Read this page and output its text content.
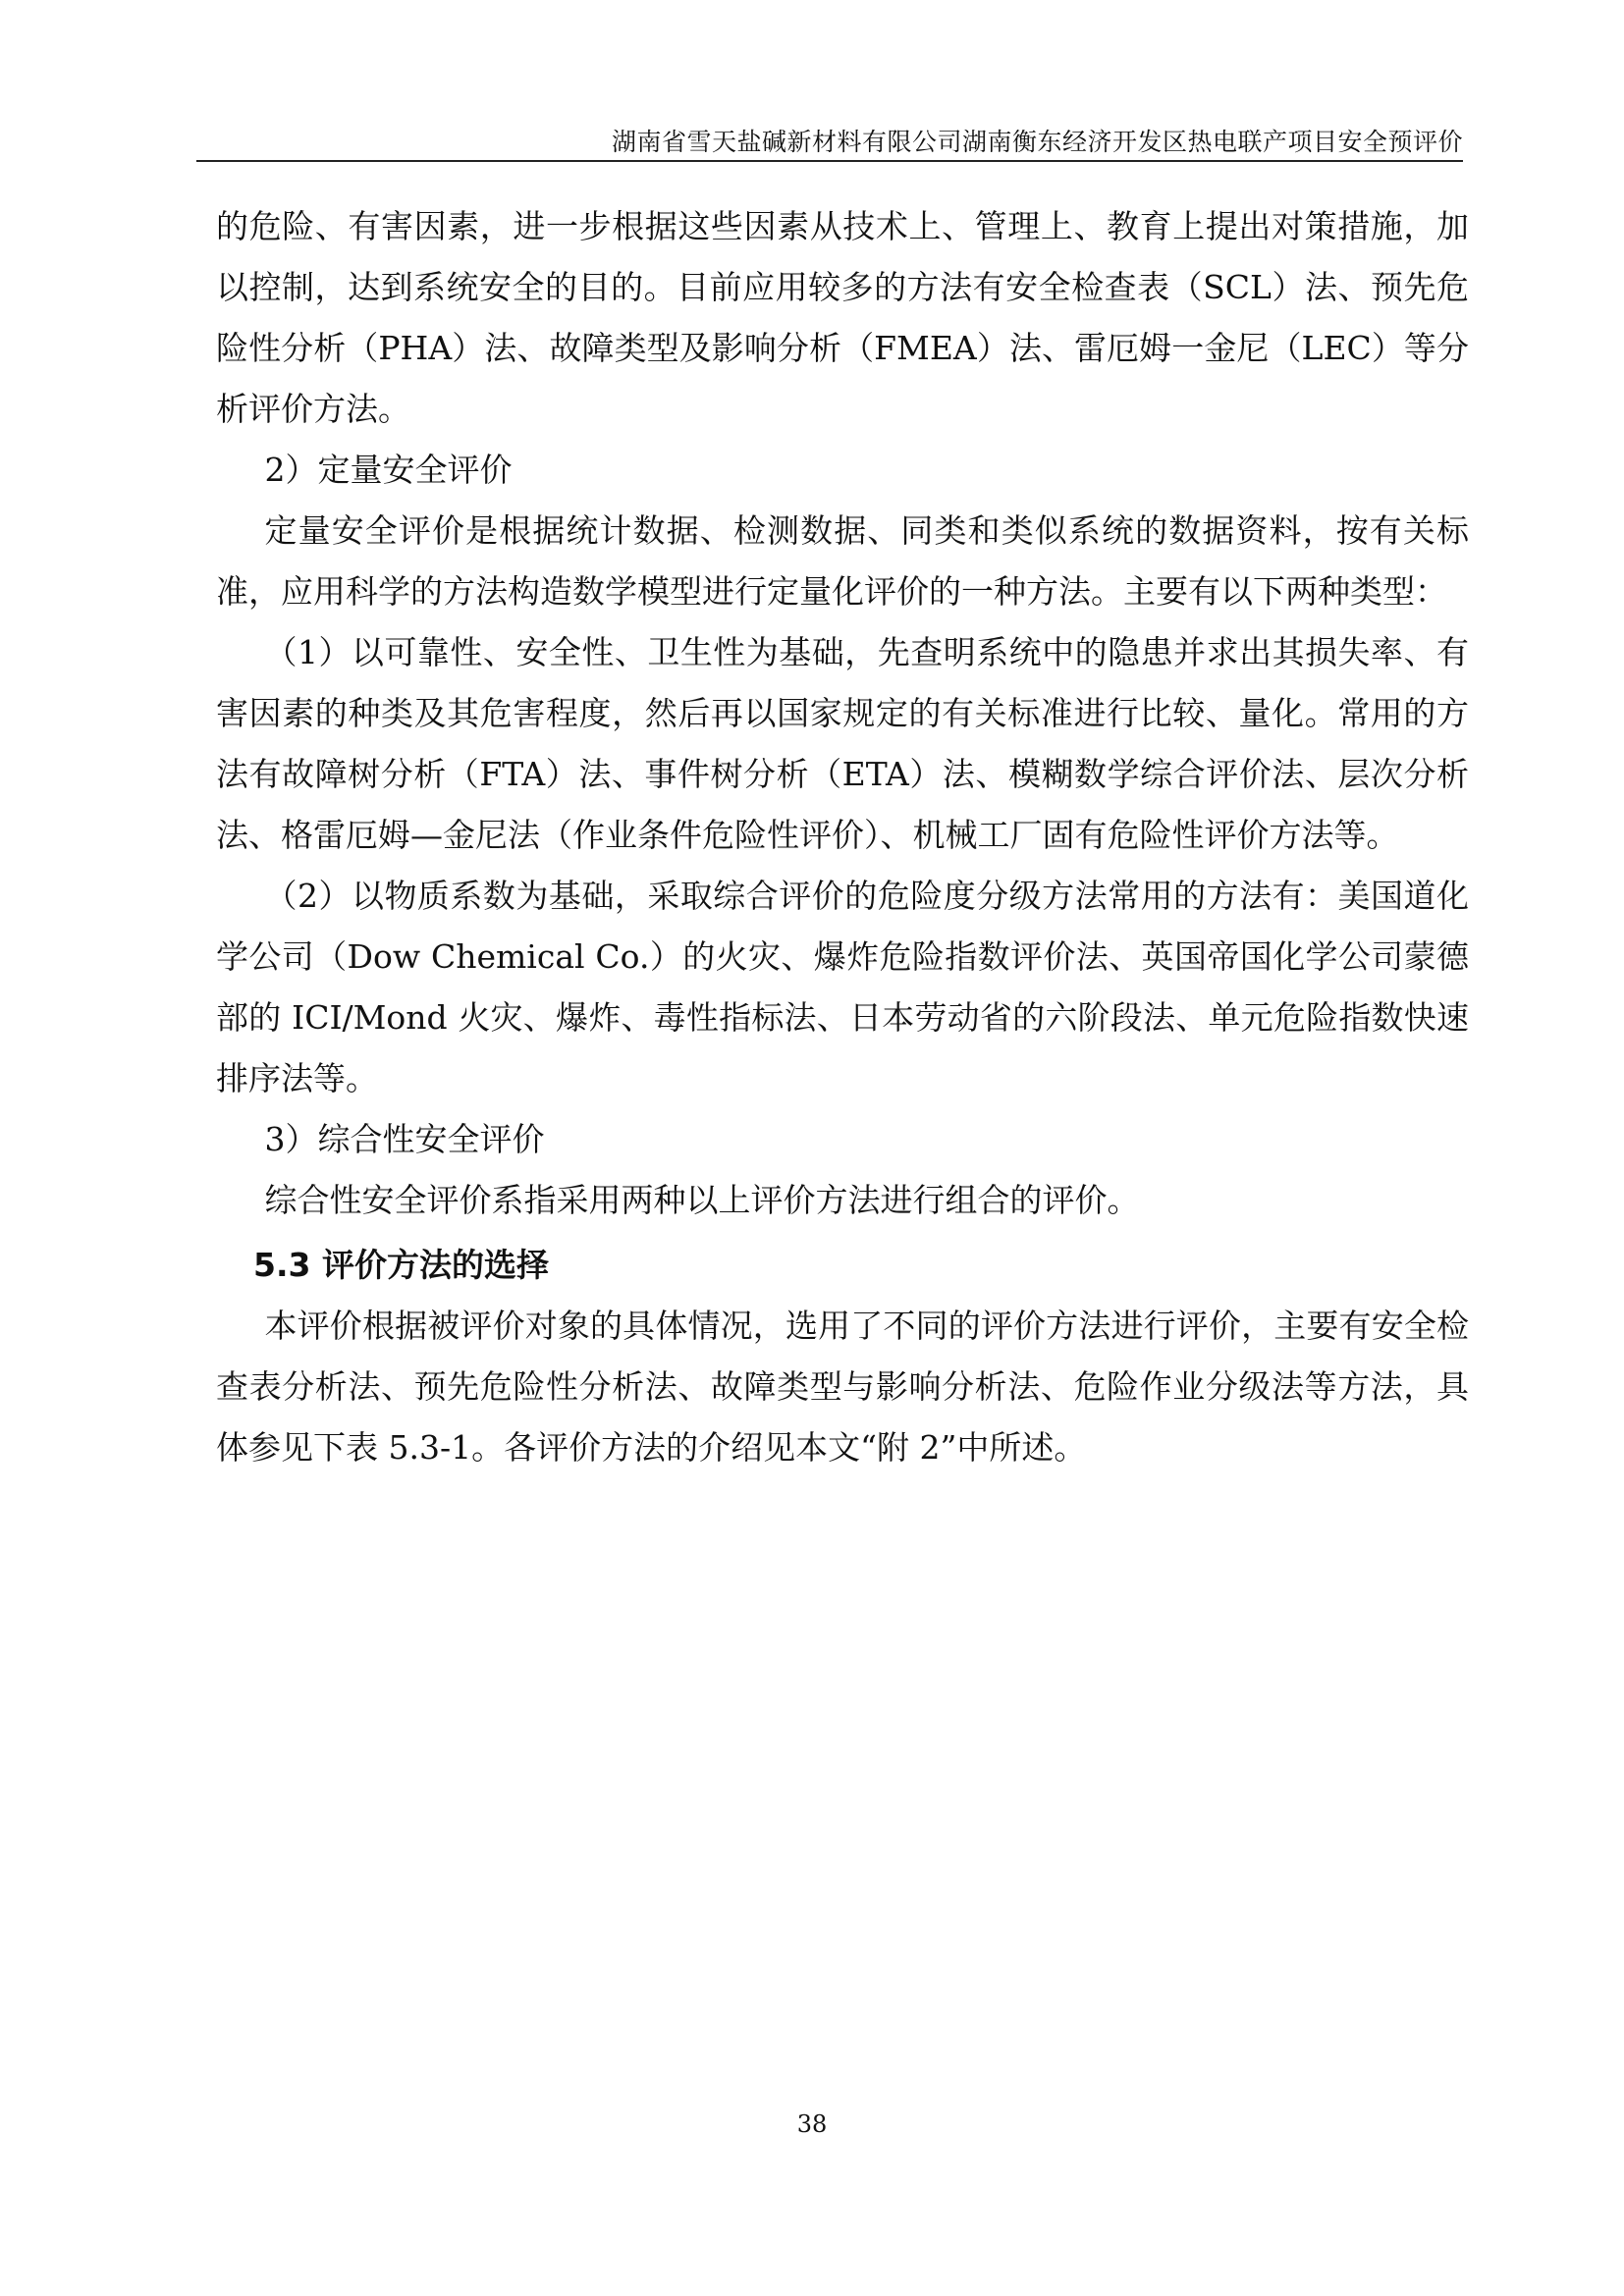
湖南省雪天盐碱新材料有限公司湖南衡东经济开发区热电联产项目安全预评价

的危险、有害因素，进一步根据这些因素从技术上、管理上、教育上提出对策措施，加以控制，达到系统安全的目的。目前应用较多的方法有安全检查表（SCL）法、预先危险性分析（PHA）法、故障类型及影响分析（FMEA）法、雷厄姆一金尼（LEC）等分析评价方法。

2）定量安全评价

定量安全评价是根据统计数据、检测数据、同类和类似系统的数据资料，按有关标准，应用科学的方法构造数学模型进行定量化评价的一种方法。主要有以下两种类型：

（1）以可靠性、安全性、卫生性为基础，先查明系统中的隐患并求出其损失率、有害因素的种类及其危害程度，然后再以国家规定的有关标准进行比较、量化。常用的方法有故障树分析（FTA）法、事件树分析（ETA）法、模糊数学综合评价法、层次分析法、格雷厄姆—金尼法（作业条件危险性评价）、机械工厂固有危险性评价方法等。

（2）以物质系数为基础，采取综合评价的危险度分级方法常用的方法有：美国道化学公司（Dow Chemical Co.）的火灾、爆炸危险指数评价法、英国帝国化学公司蒙德部的 ICI/Mond 火灾、爆炸、毒性指标法、日本劳动省的六阶段法、单元危险指数快速排序法等。

3）综合性安全评价

综合性安全评价系指采用两种以上评价方法进行组合的评价。

5.3 评价方法的选择

本评价根据被评价对象的具体情况，选用了不同的评价方法进行评价，主要有安全检查表分析法、预先危险性分析法、故障类型与影响分析法、危险作业分级法等方法，具体参见下表 5.3-1。各评价方法的介绍见本文“附 2”中所述。

38
